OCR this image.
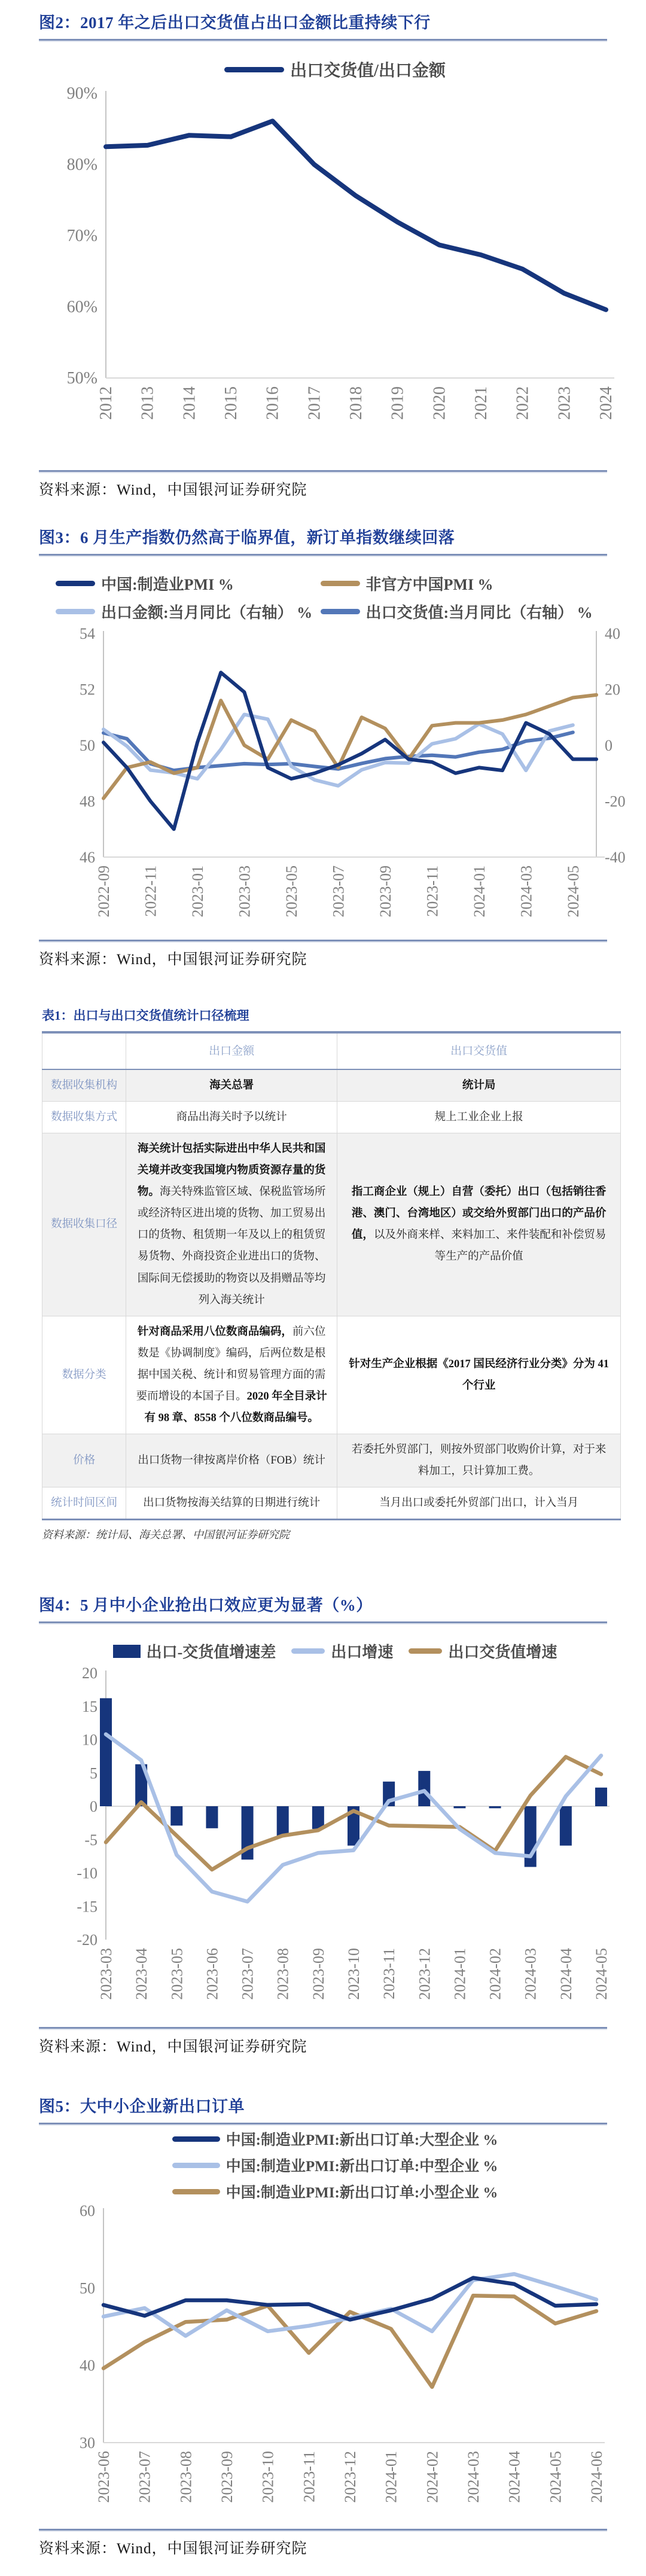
图2：2017 年之后出口交货值占出口金额比重持续下行
出口交货值/出口金额
90%
80%
70%
60%
50%
2012 2013 2014 2015 2016 2017 2018 2019 2020 2021 2022 2023 2024

资料来源：Wind，中国银河证券研究院

图3：6 月生产指数仍然高于临界值，新订单指数继续回落
中国:制造业PMI %	非官方中国PMI %
出口金额:当月同比（右轴） %	出口交货值:当月同比（右轴） %
54
52
50
48
46
40
20
0
-20
-40
2022-09 2022-11 2023-01 2023-03 2023-05 2023-07 2023-09 2023-11 2024-01 2024-03 2024-05

资料来源：Wind，中国银河证券研究院

表1：出口与出口交货值统计口径梳理
	出口金额	出口交货值
数据收集机构	海关总署	统计局
数据收集方式	商品出海关时予以统计	规上工业企业上报
数据收集口径	海关统计包括实际进出中华人民共和国关境并改变我国境内物质资源存量的货物。海关特殊监管区域、保税监管场所或经济特区进出境的货物、加工贸易出口的货物、租赁期一年及以上的租赁贸易货物、外商投资企业进出口的货物、国际间无偿援助的物资以及捐赠品等均列入海关统计	指工商企业（规上）自营（委托）出口（包括销往香港、澳门、台湾地区）或交给外贸部门出口的产品价值，以及外商来样、来料加工、来件装配和补偿贸易等生产的产品价值
数据分类	针对商品采用八位数商品编码，前六位数是《协调制度》编码，后两位数是根据中国关税、统计和贸易管理方面的需要而增设的本国子目。2020 年全目录计有 98 章、8558 个八位数商品编号。	针对生产企业根据《2017 国民经济行业分类》分为 41 个行业
价格	出口货物一律按离岸价格（FOB）统计	若委托外贸部门，则按外贸部门收购价计算，对于来料加工，只计算加工费。
统计时间区间	出口货物按海关结算的日期进行统计	当月出口或委托外贸部门出口，计入当月

资料来源：统计局、海关总署、中国银河证券研究院

图4：5 月中小企业抢出口效应更为显著（%）
出口-交货值增速差	出口增速	出口交货值增速
20
15
10
5
0
-5
-10
-15
-20
2023-03 2023-04 2023-05 2023-06 2023-07 2023-08 2023-09 2023-10 2023-11 2023-12 2024-01 2024-02 2024-03 2024-04 2024-05

资料来源：Wind，中国银河证券研究院

图5：大中小企业新出口订单
中国:制造业PMI:新出口订单:大型企业 %
中国:制造业PMI:新出口订单:中型企业 %
中国:制造业PMI:新出口订单:小型企业 %
60
50
40
30
2023-06 2023-07 2023-08 2023-09 2023-10 2023-11 2023-12 2024-01 2024-02 2024-03 2024-04 2024-05 2024-06

资料来源：Wind，中国银河证券研究院
